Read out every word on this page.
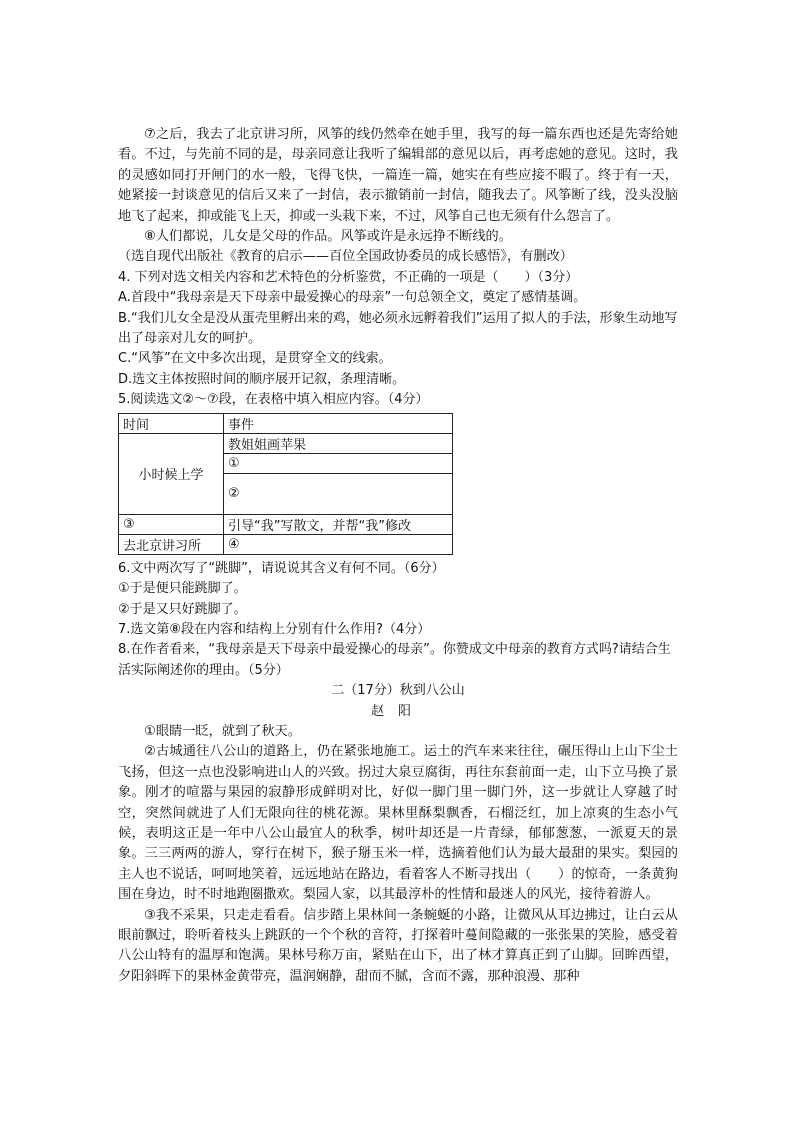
⑦之后，我去了北京讲习所，风筝的线仍然牵在她手里，我写的每一篇东西也还是先寄给她看。不过，与先前不同的是，母亲同意让我听了编辑部的意见以后，再考虑她的意见。这时，我的灵感如同打开闸门的水一般，飞得飞快，一篇连一篇，她实在有些应接不暇了。终于有一天，她紧接一封谈意见的信后又来了一封信，表示撤销前一封信，随我去了。风筝断了线，没头没脑地飞了起来，抑或能飞上天，抑或一头栽下来，不过，风筝自己也无须有什么怨言了。

⑧人们都说，儿女是父母的作品。风筝或许是永远挣不断线的。

（选自现代出版社《教育的启示——百位全国政协委员的成长感悟》，有删改）

4. 下列对选文相关内容和艺术特色的分析鉴赏，不正确的一项是（　　）（3分）

A.首段中“我母亲是天下母亲中最爱操心的母亲”一句总领全文，奠定了感情基调。

B.“我们儿女全是没从蛋壳里孵出来的鸡，她必须永远孵着我们”运用了拟人的手法，形象生动地写出了母亲对儿女的呵护。

C.“风筝”在文中多次出现，是贯穿全文的线索。

D.选文主体按照时间的顺序展开记叙，条理清晰。

5.阅读选文②～⑦段，在表格中填入相应内容。（4分）

时间	事件
小时候上学	教姐姐画苹果
	①
	②
③	引导“我”写散文，并帮“我”修改
去北京讲习所	④

6.文中两次写了“跳脚”，请说说其含义有何不同。（6分）

①于是便只能跳脚了。

②于是又只好跳脚了。

7.选文第⑧段在内容和结构上分别有什么作用?（4分）

8.在作者看来，“我母亲是天下母亲中最爱操心的母亲”。你赞成文中母亲的教育方式吗?请结合生活实际阐述你的理由。（5分）

二（17分）秋到八公山

赵阳

①眼睛一眨，就到了秋天。

②古城通往八公山的道路上，仍在紧张地施工。运土的汽车来来往往，碾压得山上山下尘土飞扬，但这一点也没影响进山人的兴致。拐过大泉豆腐街，再往东套前面一走，山下立马换了景象。刚才的喧嚣与果园的寂静形成鲜明对比，好似一脚门里一脚门外，这一步就让人穿越了时空，突然间就进了人们无限向往的桃花源。果林里酥梨飘香，石榴泛红，加上凉爽的生态小气候，表明这正是一年中八公山最宜人的秋季，树叶却还是一片青绿，郁郁葱葱，一派夏天的景象。三三两两的游人，穿行在树下，猴子掰玉米一样，选摘着他们认为最大最甜的果实。梨园的主人也不说话，呵呵地笑着，远远地站在路边，看着客人不断寻找出（　　）的惊奇，一条黄狗围在身边，时不时地跑圈撒欢。梨园人家，以其最淳朴的性情和最迷人的风光，接待着游人。

③我不采果，只走走看看。信步踏上果林间一条蜿蜒的小路，让微风从耳边拂过，让白云从眼前飘过，聆听着枝头上跳跃的一个个秋的音符，打探着叶蔓间隐藏的一张张果的笑脸，感受着八公山特有的温厚和饱满。果林号称万亩，紧贴在山下，出了林才算真正到了山脚。回眸西望，夕阳斜晖下的果林金黄带亮，温润娴静，甜而不腻，含而不露，那种浪漫、那种
